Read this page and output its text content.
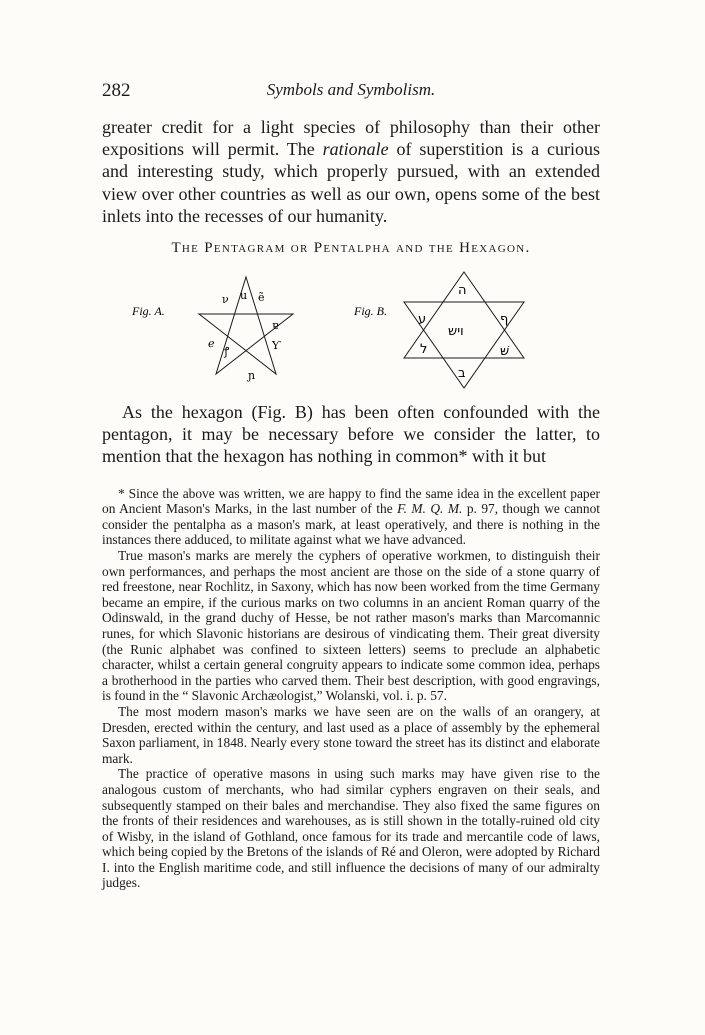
282	Symbols and Symbolism.

greater credit for a light species of philosophy than their other expositions will permit. The rationale of superstition is a curious and interesting study, which properly pursued, with an extended view over other countries as well as our own, opens some of the best inlets into the recesses of our humanity.

The Pentagram or Pentalpha and the Hexagon.
Fig. A.
ν u ẽ
ɐ
Ƴ
ℯ
ꝭ
ɲ
Fig. B.
ה
ע	ף
ויש
ל	ּשׁ
ב

As the hexagon (Fig. B) has been often confounded with the pentagon, it may be necessary before we consider the latter, to mention that the hexagon has nothing in common* with it but

* Since the above was written, we are happy to find the same idea in the excellent paper on Ancient Mason's Marks, in the last number of the F. M. Q. M. p. 97, though we cannot consider the pentalpha as a mason's mark, at least operatively, and there is nothing in the instances there adduced, to militate against what we have advanced.

True mason's marks are merely the cyphers of operative workmen, to distinguish their own performances, and perhaps the most ancient are those on the side of a stone quarry of red freestone, near Rochlitz, in Saxony, which has now been worked from the time Germany became an empire, if the curious marks on two columns in an ancient Roman quarry of the Odinswald, in the grand duchy of Hesse, be not rather mason's marks than Marcomannic runes, for which Slavonic historians are desirous of vindicating them. Their great diversity (the Runic alphabet was confined to sixteen letters) seems to preclude an alphabetic character, whilst a certain general congruity appears to indicate some common idea, perhaps a brotherhood in the parties who carved them. Their best description, with good engravings, is found in the “ Slavonic Archæologist,” Wolanski, vol. i. p. 57.

The most modern mason's marks we have seen are on the walls of an orangery, at Dresden, erected within the century, and last used as a place of assembly by the ephemeral Saxon parliament, in 1848. Nearly every stone toward the street has its distinct and elaborate mark.

The practice of operative masons in using such marks may have given rise to the analogous custom of merchants, who had similar cyphers engraven on their seals, and subsequently stamped on their bales and merchandise. They also fixed the same figures on the fronts of their residences and warehouses, as is still shown in the totally-ruined old city of Wisby, in the island of Gothland, once famous for its trade and mercantile code of laws, which being copied by the Bretons of the islands of Ré and Oleron, were adopted by Richard I. into the English maritime code, and still influence the decisions of many of our admiralty judges.
